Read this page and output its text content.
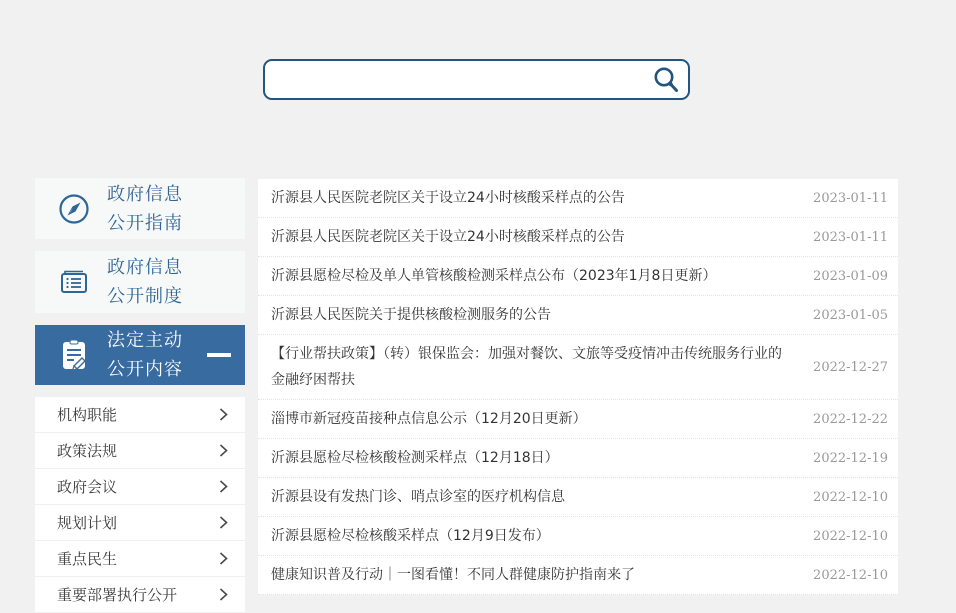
政府信息
公开指南
政府信息
公开制度
法定主动
公开内容
机构职能
政策法规
政府会议
规划计划
重点民生
重要部署执行公开
沂源县人民医院老院区关于设立24小时核酸采样点的公告	2023-01-11
沂源县人民医院老院区关于设立24小时核酸采样点的公告	2023-01-11
沂源县愿检尽检及单人单管核酸检测采样点公布（2023年1月8日更新）	2023-01-09
沂源县人民医院关于提供核酸检测服务的公告	2023-01-05
【行业帮扶政策】（转）银保监会：加强对餐饮、文旅等受疫情冲击传统服务行业的金融纾困帮扶
2022-12-27
淄博市新冠疫苗接种点信息公示（12月20日更新）	2022-12-22
沂源县愿检尽检核酸检测采样点（12月18日）	2022-12-19
沂源县设有发热门诊、哨点诊室的医疗机构信息	2022-12-10
沂源县愿检尽检核酸采样点（12月9日发布）	2022-12-10
健康知识普及行动｜一图看懂！不同人群健康防护指南来了	2022-12-10
